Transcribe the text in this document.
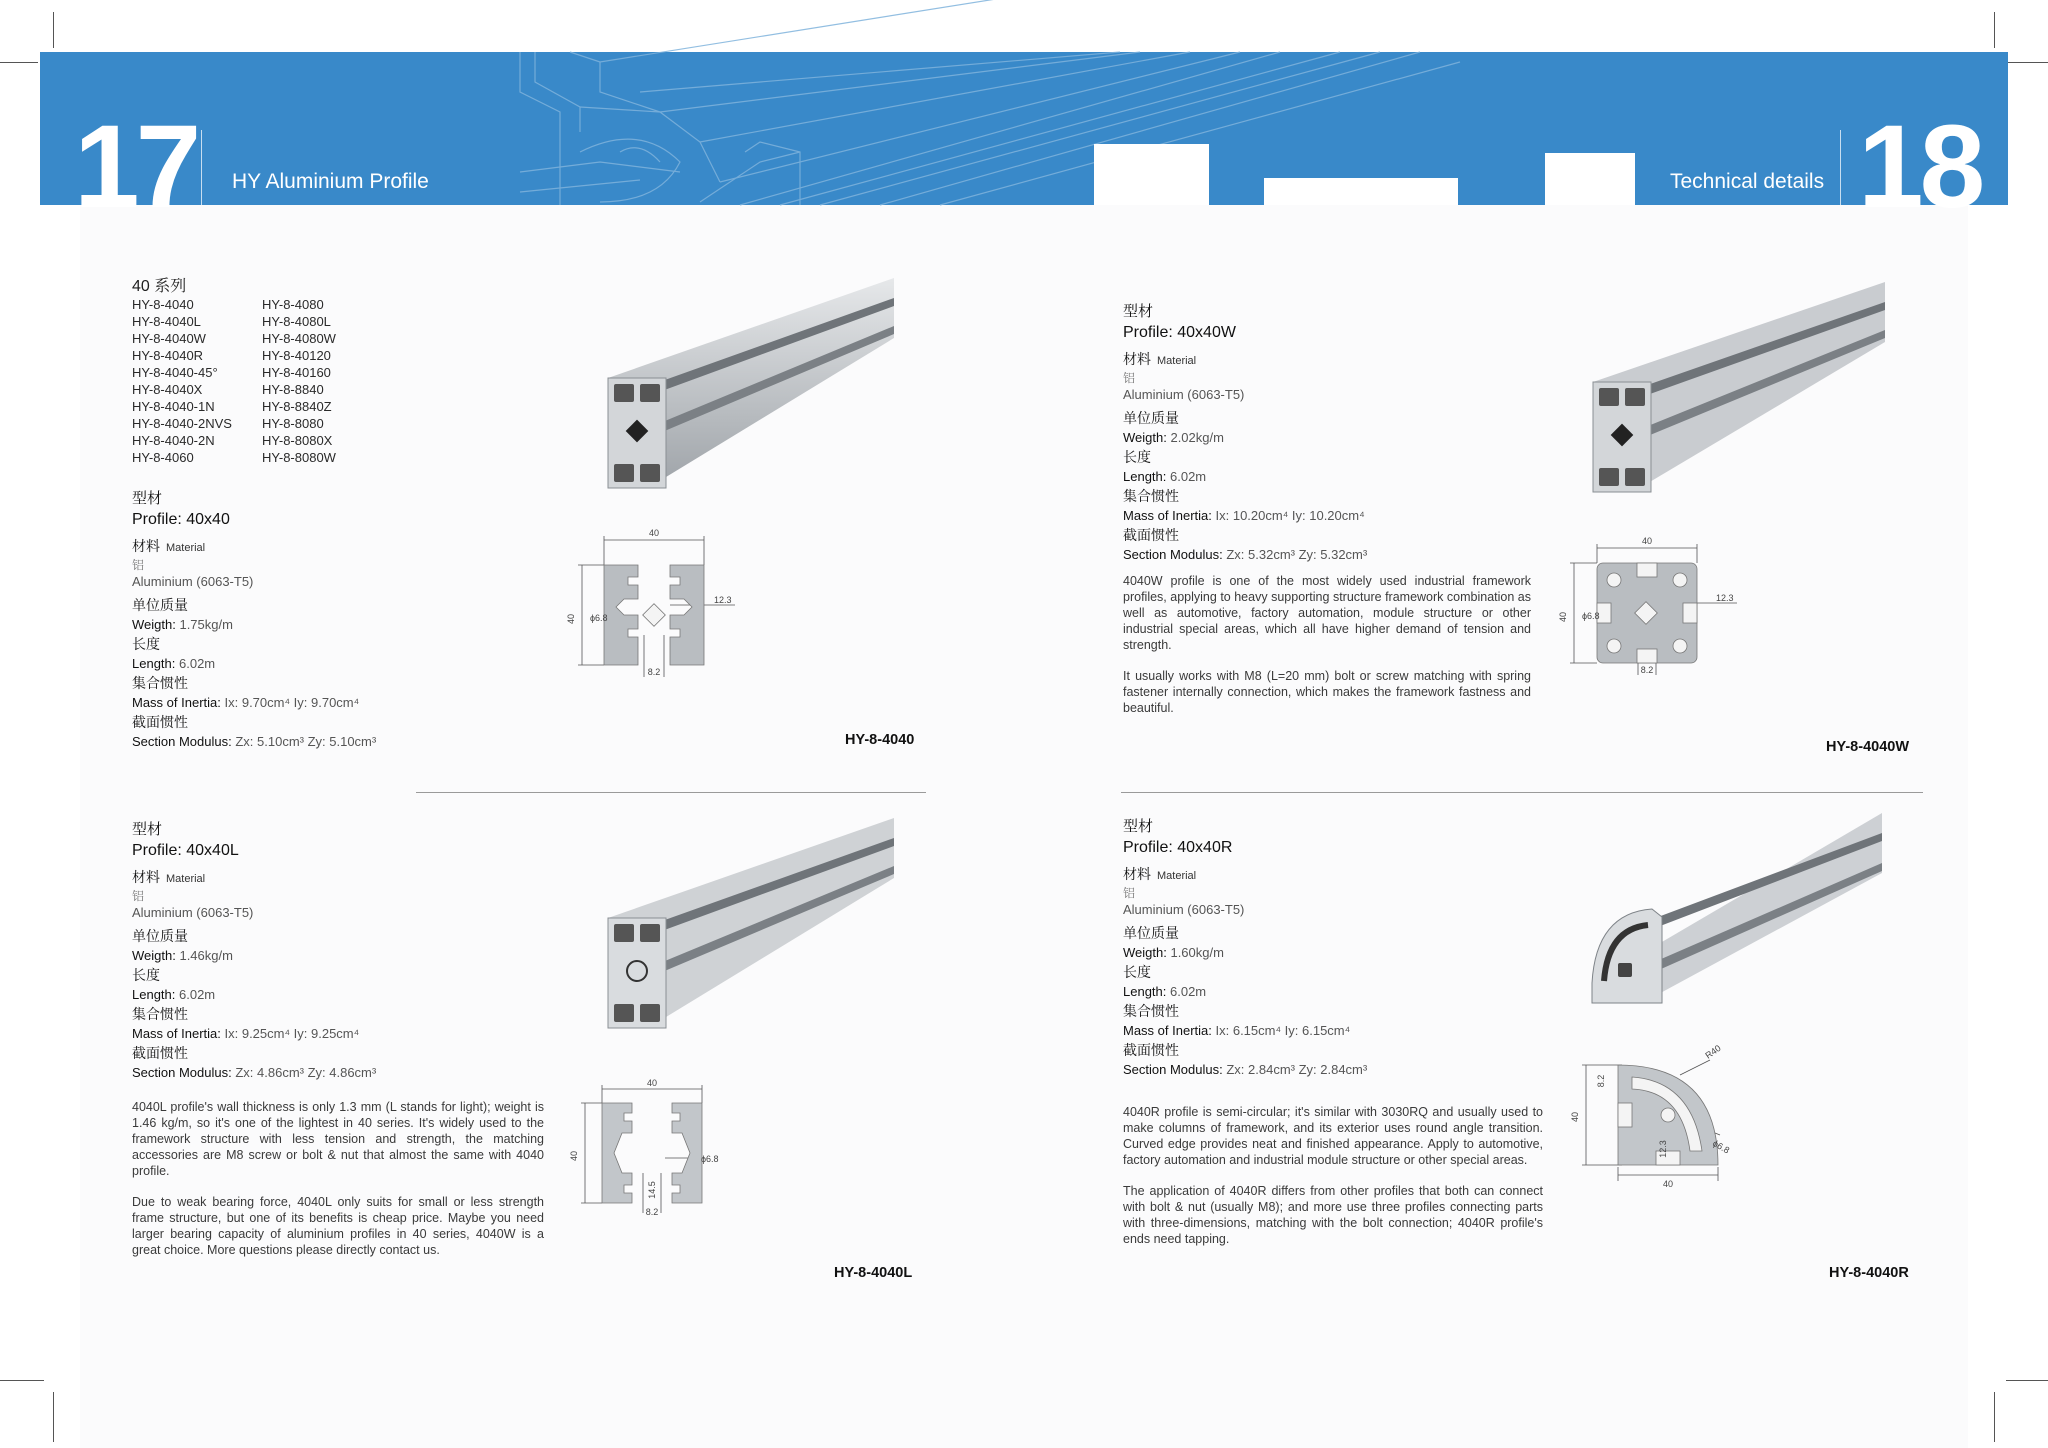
17 HY Aluminium Profile	Technical details 18
40 系列
HY-8-4040
HY-8-4040L
HY-8-4040W
HY-8-4040R
HY-8-4040-45°
HY-8-4040X
HY-8-4040-1N
HY-8-4040-2NVS
HY-8-4040-2N
HY-8-4060
HY-8-4080
HY-8-4080L
HY-8-4080W
HY-8-40120
HY-8-40160
HY-8-8840
HY-8-8840Z
HY-8-8080
HY-8-8080X
HY-8-8080W
型材
Profile: 40x40
材料 Material
铝
Aluminium (6063-T5)
单位质量
Weigth: 1.75kg/m
长度
Length: 6.02m
集合惯性
Mass of Inertia: Ix: 9.70cm⁴ Iy: 9.70cm⁴
截面惯性
Section Modulus: Zx: 5.10cm³ Zy: 5.10cm³
40
40
12.3
ϕ6.8
8.2
HY-8-4040
型材
Profile: 40x40W
材料 Material
铝
Aluminium (6063-T5)
单位质量
Weigth: 2.02kg/m
长度
Length: 6.02m
集合惯性
Mass of Inertia: Ix: 10.20cm⁴ Iy: 10.20cm⁴
截面惯性
Section Modulus: Zx: 5.32cm³ Zy: 5.32cm³

4040W profile is one of the most widely used industrial framework profiles, applying to heavy supporting structure framework combination as well as automotive, factory automation, module structure or other industrial special areas, which all have higher demand of tension and strength.

It usually works with M8 (L=20 mm) bolt or screw matching with spring fastener internally connection, which makes the framework fastness and beautiful.

40
40
12.3
ϕ6.8
8.2
HY-8-4040W
型材
Profile: 40x40L
材料 Material
铝
Aluminium (6063-T5)
单位质量
Weigth: 1.46kg/m
长度
Length: 6.02m
集合惯性
Mass of Inertia: Ix: 9.25cm⁴ Iy: 9.25cm⁴
截面惯性
Section Modulus: Zx: 4.86cm³ Zy: 4.86cm³

4040L profile's wall thickness is only 1.3 mm (L stands for light); weight is 1.46 kg/m, so it's one of the lightest in 40 series. It's widely used to the framework structure with less tension and strength, the matching accessories are M8 screw or bolt & nut that almost the same with 4040 profile.

Due to weak bearing force, 4040L only suits for small or less strength frame structure, but one of its benefits is cheap price. Maybe you need larger bearing capacity of aluminium profiles in 40 series, 4040W is a great choice. More questions please directly contact us.

40
40	ϕ6.8
14.5
8.2
HY-8-4040L
型材
Profile: 40x40R
材料 Material
铝
Aluminium (6063-T5)
单位质量
Weigth: 1.60kg/m
长度
Length: 6.02m
集合惯性
Mass of Inertia: Ix: 6.15cm⁴ Iy: 6.15cm⁴
截面惯性
Section Modulus: Zx: 2.84cm³ Zy: 2.84cm³

4040R profile is semi-circular; it's similar with 3030RQ and usually used to make columns of framework, and its exterior uses round angle transition. Curved edge provides neat and finished appearance. Apply to automotive, factory automation and industrial module structure or other special areas.

The application of 4040R differs from other profiles that both can connect with bolt & nut (usually M8); and more use three profiles connecting parts with three-dimensions, matching with the bolt connection; 4040R profile's ends need tapping.

R40
ϕ6.8
40
8.2
12.3
40
HY-8-4040R
